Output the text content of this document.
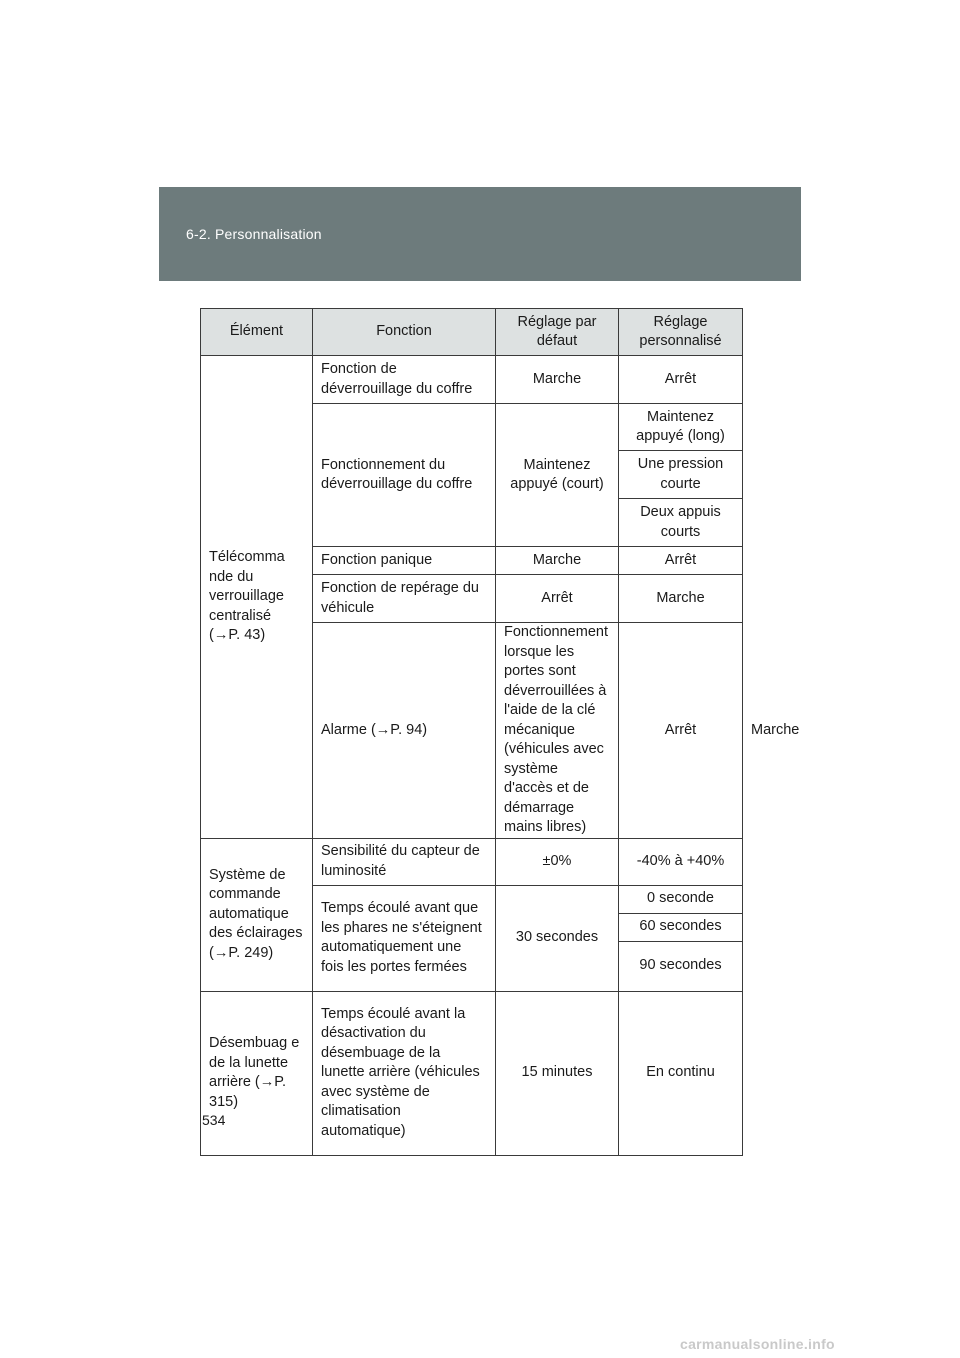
6-2. Personnalisation
Élément	Fonction	Réglage par défaut	Réglage personnalisé	
Télécomma nde du verrouillage centralisé (→P. 43)	Fonction de déverrouillage du coffre	Marche	Arrêt	
	Fonctionnement du déverrouillage du coffre	Maintenez appuyé (court)	Maintenez appuyé (long)	
			Une pression courte	
			Deux appuis courts	
	Fonction panique	Marche	Arrêt	
	Fonction de repérage du véhicule	Arrêt	Marche	
	Alarme (→P. 94)	Fonctionnement lorsque les portes sont déverrouillées à l'aide de la clé mécanique (véhicules avec système d'accès et de démarrage mains libres)	Arrêt	Marche
Système de commande automatique des éclairages (→P. 249)	Sensibilité du capteur de luminosité	±0%	-40% à +40%	
	Temps écoulé avant que les phares ne s'éteignent automatiquement une fois les portes fermées	30 secondes	0 seconde	
			60 secondes	
			90 secondes	
Désembuag e de la lunette arrière (→P. 315)	Temps écoulé avant la désactivation du désembuage de la lunette arrière (véhicules avec système de climatisation automatique)	15 minutes	En continu	
534
carmanualsonline.info
